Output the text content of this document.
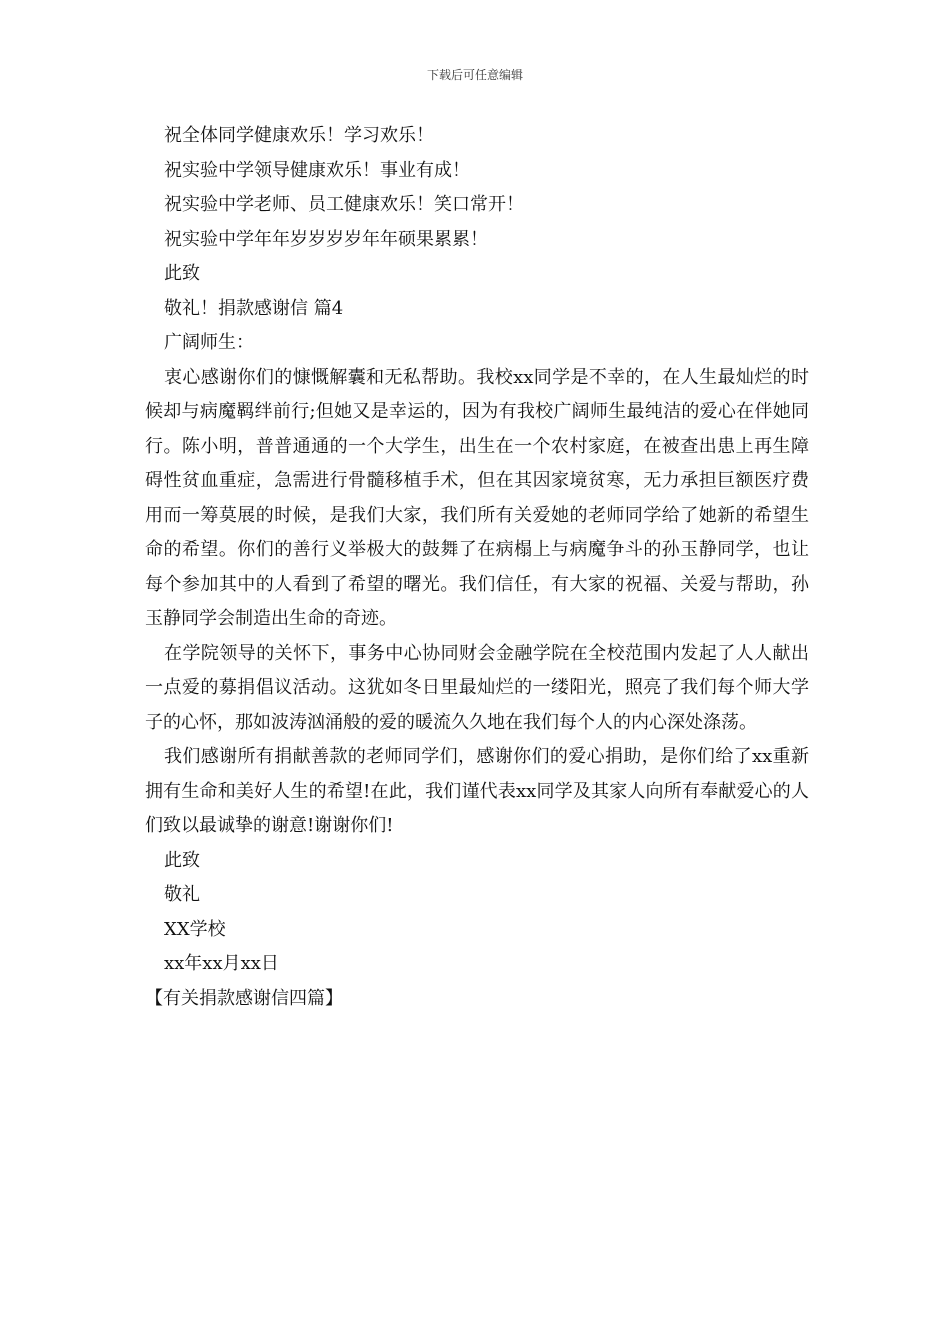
下载后可任意编辑
祝全体同学健康欢乐！学习欢乐！
祝实验中学领导健康欢乐！事业有成！
祝实验中学老师、员工健康欢乐！笑口常开！
祝实验中学年年岁岁岁岁年年硕果累累！
此致
敬礼！捐款感谢信 篇4
广阔师生：

衷心感谢你们的慷慨解囊和无私帮助。我校xx同学是不幸的，在人生最灿烂的时候却与病魔羁绊前行;但她又是幸运的，因为有我校广阔师生最纯洁的爱心在伴她同行。陈小明，普普通通的一个大学生，出生在一个农村家庭，在被查出患上再生障碍性贫血重症，急需进行骨髓移植手术，但在其因家境贫寒，无力承担巨额医疗费用而一筹莫展的时候，是我们大家，我们所有关爱她的老师同学给了她新的希望生命的希望。你们的善行义举极大的鼓舞了在病榻上与病魔争斗的孙玉静同学，也让每个参加其中的人看到了希望的曙光。我们信任，有大家的祝福、关爱与帮助，孙玉静同学会制造出生命的奇迹。

在学院领导的关怀下，事务中心协同财会金融学院在全校范围内发起了人人献出一点爱的募捐倡议活动。这犹如冬日里最灿烂的一缕阳光，照亮了我们每个师大学子的心怀，那如波涛汹涌般的爱的暖流久久地在我们每个人的内心深处涤荡。

我们感谢所有捐献善款的老师同学们，感谢你们的爱心捐助，是你们给了xx重新拥有生命和美好人生的希望!在此，我们谨代表xx同学及其家人向所有奉献爱心的人们致以最诚挚的谢意!谢谢你们!

此致
敬礼
XX学校
xx年xx月xx日
【有关捐款感谢信四篇】
